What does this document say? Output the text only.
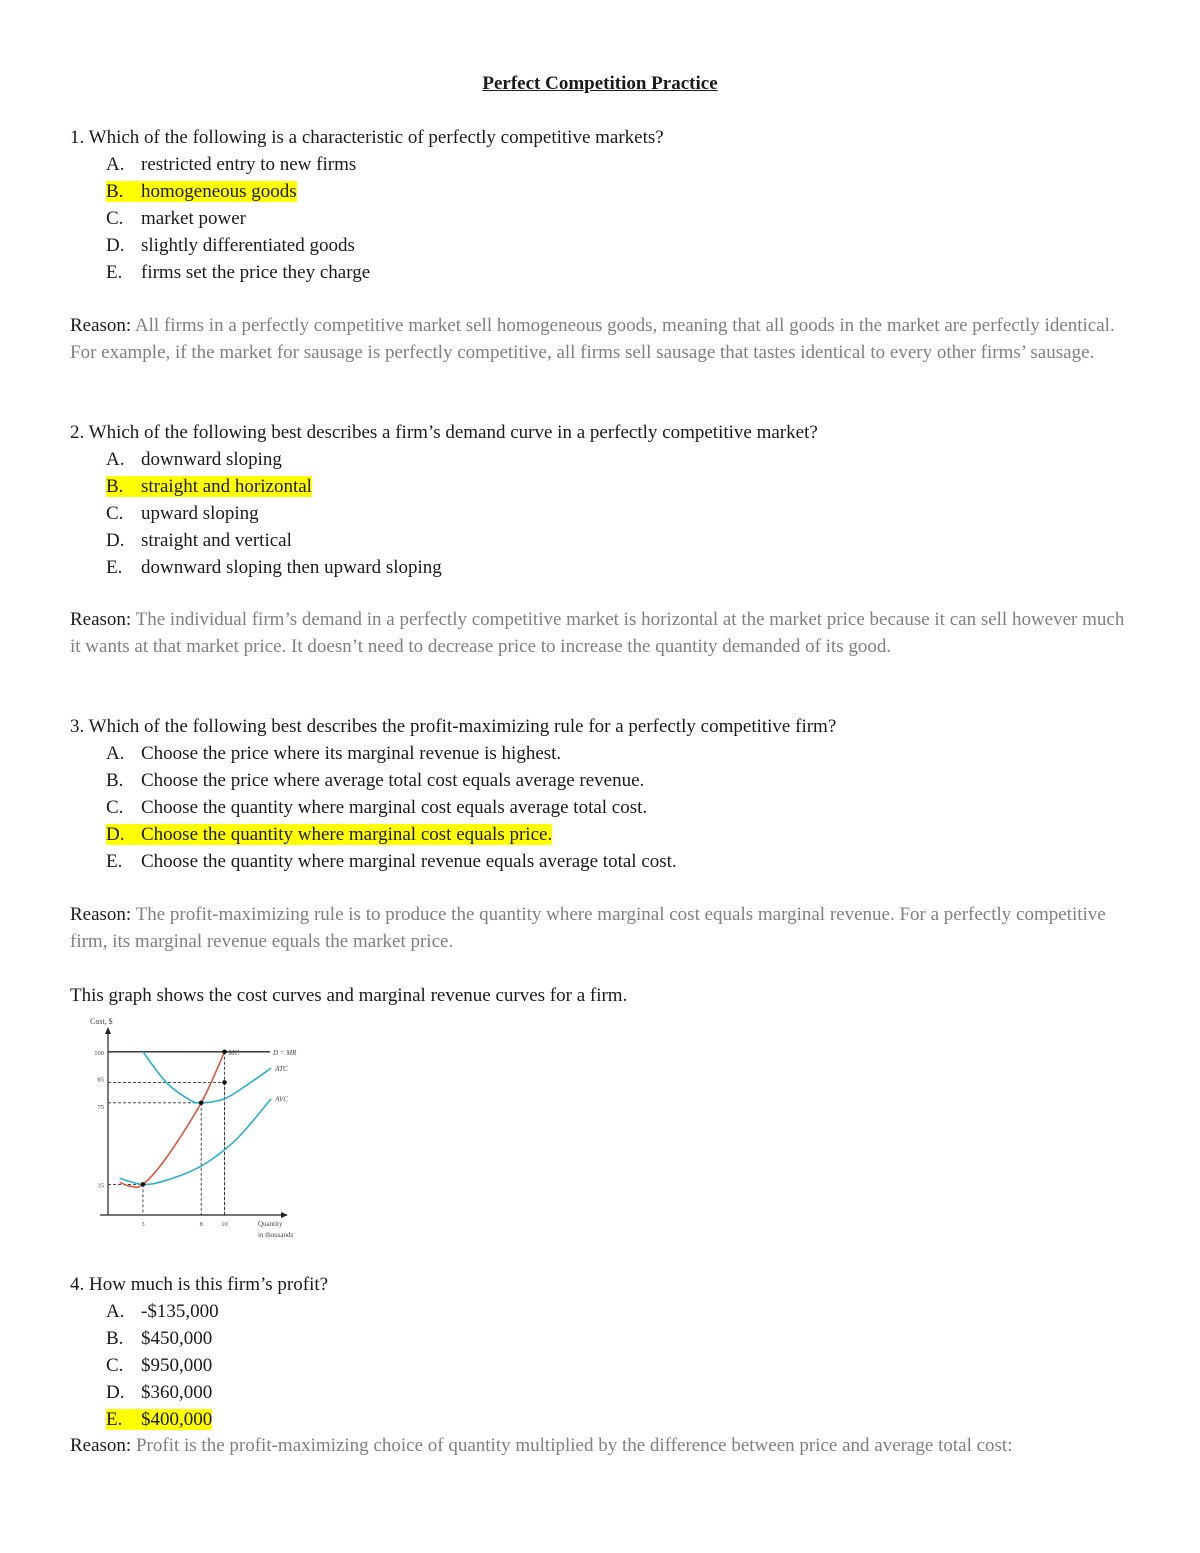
Perfect Competition Practice
1. Which of the following is a characteristic of perfectly competitive markets?
A. restricted entry to new firms
B. homogeneous goods
C. market power
D. slightly differentiated goods
E. firms set the price they charge
Reason: All firms in a perfectly competitive market sell homogeneous goods, meaning that all goods in the market are perfectly identical. For example, if the market for sausage is perfectly competitive, all firms sell sausage that tastes identical to every other firms’ sausage.
2. Which of the following best describes a firm’s demand curve in a perfectly competitive market?
A. downward sloping
B. straight and horizontal
C. upward sloping
D. straight and vertical
E. downward sloping then upward sloping
Reason: The individual firm’s demand in a perfectly competitive market is horizontal at the market price because it can sell however much it wants at that market price. It doesn’t need to decrease price to increase the quantity demanded of its good.
3. Which of the following best describes the profit-maximizing rule for a perfectly competitive firm?
A. Choose the price where its marginal revenue is highest.
B. Choose the price where average total cost equals average revenue.
C. Choose the quantity where marginal cost equals average total cost.
D. Choose the quantity where marginal cost equals price.
E. Choose the quantity where marginal revenue equals average total cost.
Reason: The profit-maximizing rule is to produce the quantity where marginal cost equals marginal revenue. For a perfectly competitive firm, its marginal revenue equals the market price.
This graph shows the cost curves and marginal revenue curves for a firm.
Cost, $
Quantity
in thousands
D = MR
MC
ATC
AVC
100
85
75
35
3	8	10
4. How much is this firm’s profit?
A. -$135,000
B. $450,000
C. $950,000
D. $360,000
E. $400,000
Reason: Profit is the profit-maximizing choice of quantity multiplied by the difference between price and average total cost:
